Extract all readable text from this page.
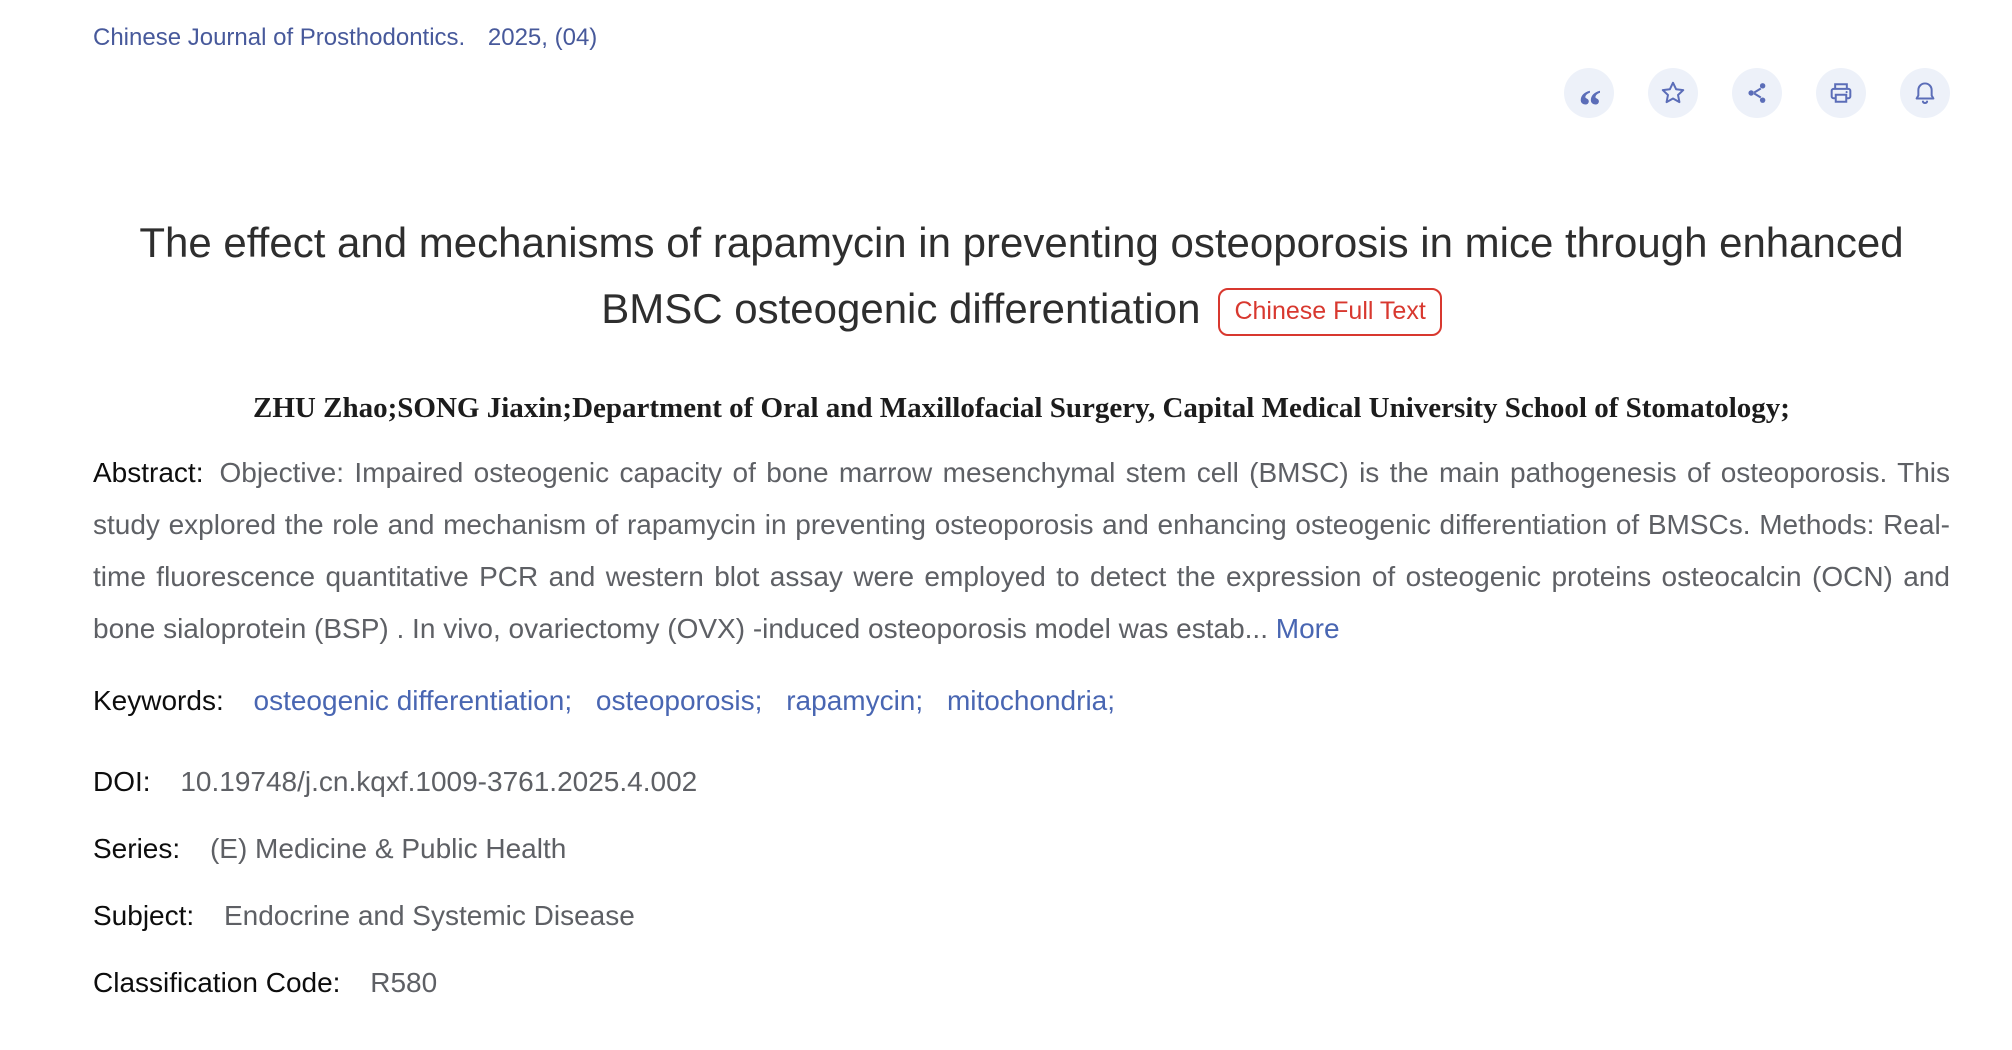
Chinese Journal of Prosthodontics. 2025, (04)
“
The effect and mechanisms of rapamycin in preventing osteoporosis in mice through enhanced BMSC osteogenic differentiation Chinese Full Text
ZHU Zhao;SONG Jiaxin;Department of Oral and Maxillofacial Surgery, Capital Medical University School of Stomatology;
Abstract: Objective: Impaired osteogenic capacity of bone marrow mesenchymal stem cell (BMSC) is the main pathogenesis of osteoporosis. This study explored the role and mechanism of rapamycin in preventing osteoporosis and enhancing osteogenic differentiation of BMSCs. Methods: Real-time fluorescence quantitative PCR and western blot assay were employed to detect the expression of osteogenic proteins osteocalcin (OCN) and bone sialoprotein (BSP) . In vivo, ovariectomy (OVX) -induced osteoporosis model was estab... More
Keywords: osteogenic differentiation; osteoporosis; rapamycin; mitochondria;
DOI: 10.19748/j.cn.kqxf.1009-3761.2025.4.002
Series: (E) Medicine & Public Health
Subject: Endocrine and Systemic Disease
Classification Code: R580
